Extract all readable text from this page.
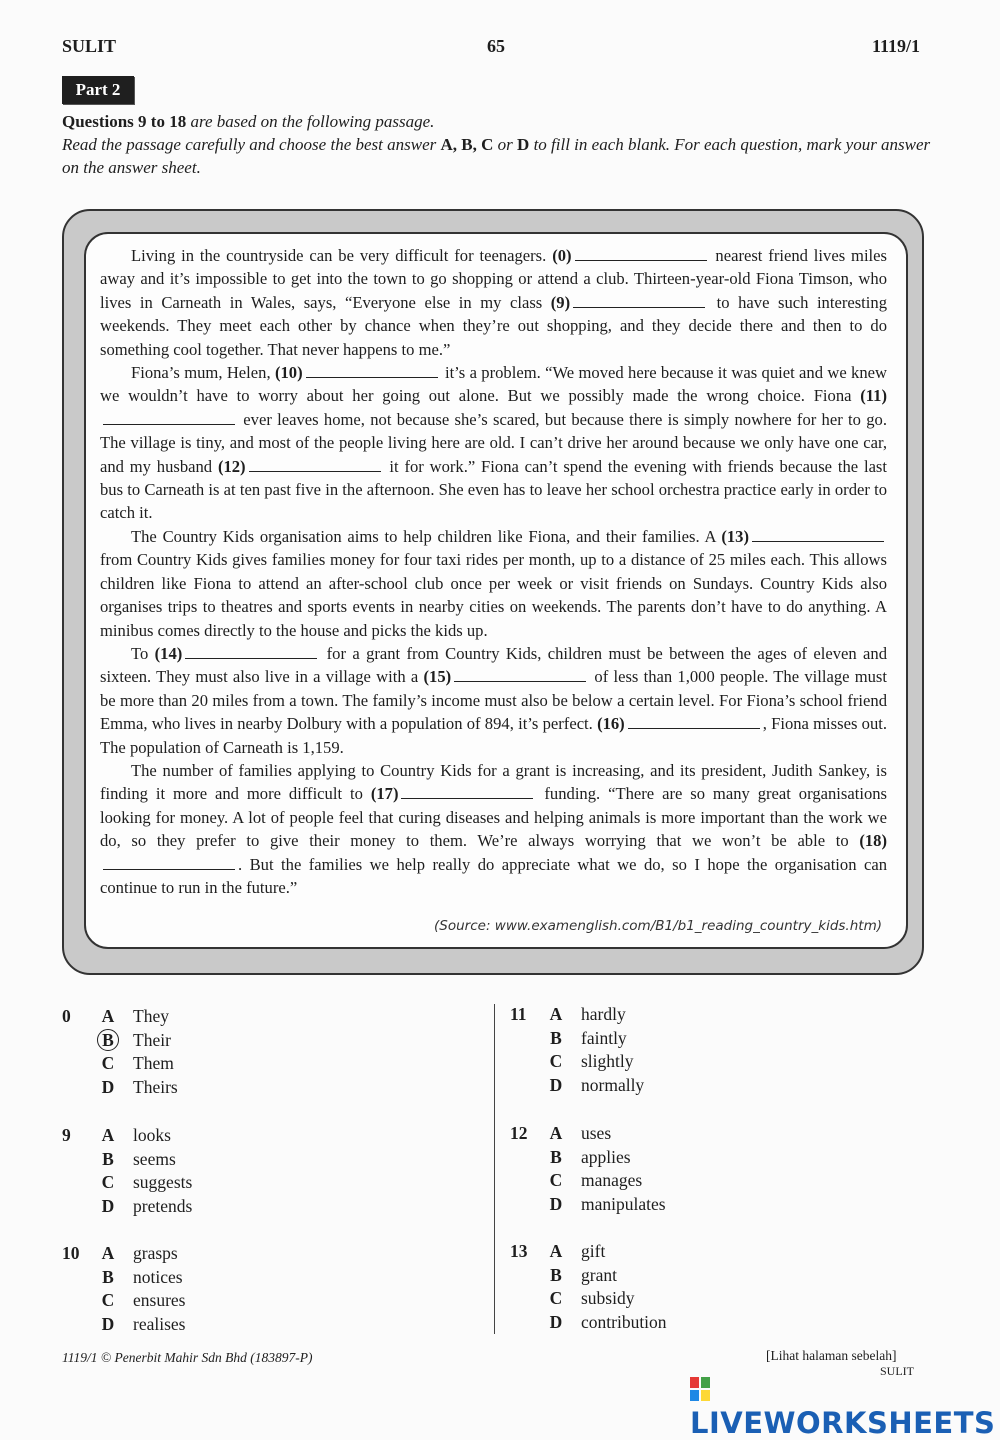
SULIT	65	1119/1
Part 2
Questions 9 to 18 are based on the following passage.
Read the passage carefully and choose the best answer A, B, C or D to fill in each blank. For each question, mark your answer on the answer sheet.

Living in the countryside can be very difficult for teenagers. (0)	nearest friend lives miles away and it’s impossible to get into the town to go shopping or attend a club. Thirteen-year-old Fiona Timson, who lives in Carneath in Wales, says, “Everyone else in my class (9)	to have such interesting weekends. They meet each other by chance when they’re out shopping, and they decide there and then to do something cool together. That never happens to me.”

Fiona’s mum, Helen, (10)	it’s a problem. “We moved here because it was quiet and we knew we wouldn’t have to worry about her going out alone. But we possibly made the wrong choice. Fiona (11) ever leaves home, not because she’s scared, but because there is simply nowhere for her to go. The village is tiny, and most of the people living here are old. I can’t drive her around because we only have one car, and my husband (12)	it for work.” Fiona can’t spend the evening with friends because the last bus to Carneath is at ten past five in the afternoon. She even has to leave her school orchestra practice early in order to catch it.

The Country Kids organisation aims to help children like Fiona, and their families. A (13) from Country Kids gives families money for four taxi rides per month, up to a distance of 25 miles each. This allows children like Fiona to attend an after-school club once per week or visit friends on Sundays. Country Kids also organises trips to theatres and sports events in nearby cities on weekends. The parents don’t have to do anything. A minibus comes directly to the house and picks the kids up.

To (14)	for a grant from Country Kids, children must be between the ages of eleven and sixteen. They must also live in a village with a (15)	of less than 1,000 people. The village must be more than 20 miles from a town. The family’s income must also be below a certain level. For Fiona’s school friend Emma, who lives in nearby Dolbury with a population of 894, it’s perfect. (16)	, Fiona misses out. The population of Carneath is 1,159.

The number of families applying to Country Kids for a grant is increasing, and its president, Judith Sankey, is finding it more and more difficult to (17)	funding. “There are so many great organisations looking for money. A lot of people feel that curing diseases and helping animals is more important than the work we do, so they prefer to give their money to them. We’re always worrying that we won’t be able to (18). But the families we help really do appreciate what we do, so I hope the organisation can continue to run in the future.”

(Source: www.examenglish.com/B1/b1_reading_country_kids.htm)
0 A They
B Their
C Them
D Theirs
9 A looks
B seems
C suggests
D pretends
10 A grasps
B notices
C ensures
D realises
11 A hardly
B faintly
C slightly
D normally
12 A uses
B applies
C manages
D manipulates
13 A gift
B grant
C subsidy
D contribution
1119/1 © Penerbit Mahir Sdn Bhd (183897-P)	[Lihat halaman sebelah]
SULIT
LIVEWORKSHEETS
